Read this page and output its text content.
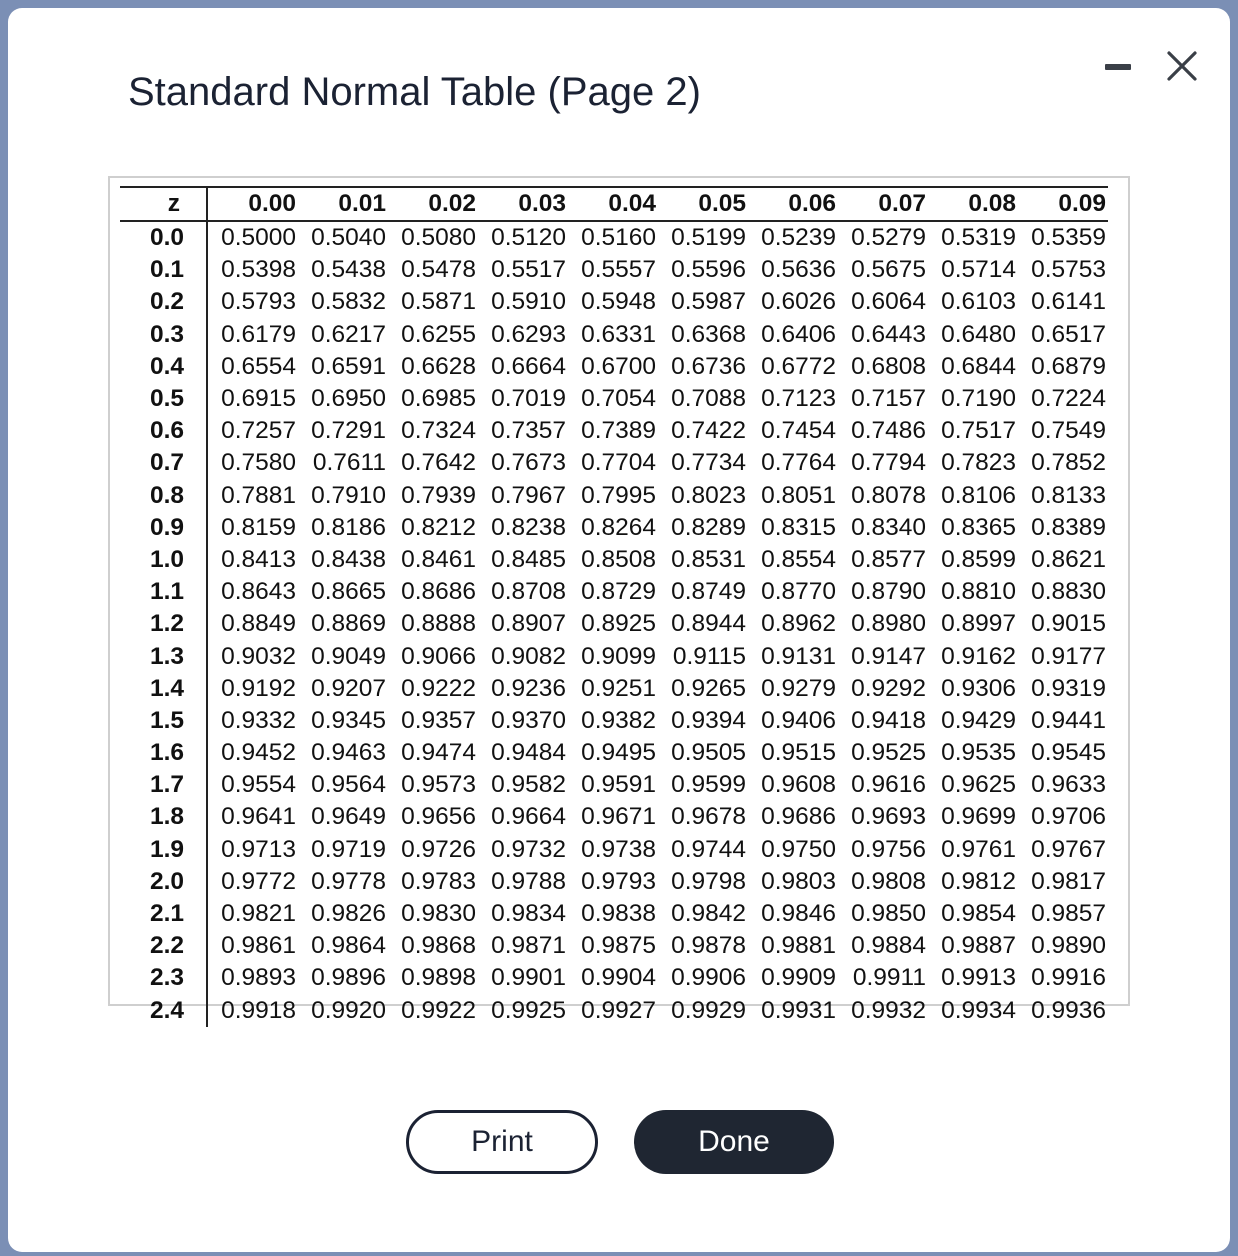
Standard Normal Table (Page 2)
z	0.00	0.01	0.02	0.03	0.04	0.05	0.06	0.07	0.08	0.09
0.0	0.5000	0.5040	0.5080	0.5120	0.5160	0.5199	0.5239	0.5279	0.5319	0.5359
0.1	0.5398	0.5438	0.5478	0.5517	0.5557	0.5596	0.5636	0.5675	0.5714	0.5753
0.2	0.5793	0.5832	0.5871	0.5910	0.5948	0.5987	0.6026	0.6064	0.6103	0.6141
0.3	0.6179	0.6217	0.6255	0.6293	0.6331	0.6368	0.6406	0.6443	0.6480	0.6517
0.4	0.6554	0.6591	0.6628	0.6664	0.6700	0.6736	0.6772	0.6808	0.6844	0.6879
0.5	0.6915	0.6950	0.6985	0.7019	0.7054	0.7088	0.7123	0.7157	0.7190	0.7224
0.6	0.7257	0.7291	0.7324	0.7357	0.7389	0.7422	0.7454	0.7486	0.7517	0.7549
0.7	0.7580	0.7611	0.7642	0.7673	0.7704	0.7734	0.7764	0.7794	0.7823	0.7852
0.8	0.7881	0.7910	0.7939	0.7967	0.7995	0.8023	0.8051	0.8078	0.8106	0.8133
0.9	0.8159	0.8186	0.8212	0.8238	0.8264	0.8289	0.8315	0.8340	0.8365	0.8389
1.0	0.8413	0.8438	0.8461	0.8485	0.8508	0.8531	0.8554	0.8577	0.8599	0.8621
1.1	0.8643	0.8665	0.8686	0.8708	0.8729	0.8749	0.8770	0.8790	0.8810	0.8830
1.2	0.8849	0.8869	0.8888	0.8907	0.8925	0.8944	0.8962	0.8980	0.8997	0.9015
1.3	0.9032	0.9049	0.9066	0.9082	0.9099	0.9115	0.9131	0.9147	0.9162	0.9177
1.4	0.9192	0.9207	0.9222	0.9236	0.9251	0.9265	0.9279	0.9292	0.9306	0.9319
1.5	0.9332	0.9345	0.9357	0.9370	0.9382	0.9394	0.9406	0.9418	0.9429	0.9441
1.6	0.9452	0.9463	0.9474	0.9484	0.9495	0.9505	0.9515	0.9525	0.9535	0.9545
1.7	0.9554	0.9564	0.9573	0.9582	0.9591	0.9599	0.9608	0.9616	0.9625	0.9633
1.8	0.9641	0.9649	0.9656	0.9664	0.9671	0.9678	0.9686	0.9693	0.9699	0.9706
1.9	0.9713	0.9719	0.9726	0.9732	0.9738	0.9744	0.9750	0.9756	0.9761	0.9767
2.0	0.9772	0.9778	0.9783	0.9788	0.9793	0.9798	0.9803	0.9808	0.9812	0.9817
2.1	0.9821	0.9826	0.9830	0.9834	0.9838	0.9842	0.9846	0.9850	0.9854	0.9857
2.2	0.9861	0.9864	0.9868	0.9871	0.9875	0.9878	0.9881	0.9884	0.9887	0.9890
2.3	0.9893	0.9896	0.9898	0.9901	0.9904	0.9906	0.9909	0.9911	0.9913	0.9916
2.4	0.9918	0.9920	0.9922	0.9925	0.9927	0.9929	0.9931	0.9932	0.9934	0.9936
Print	Done
